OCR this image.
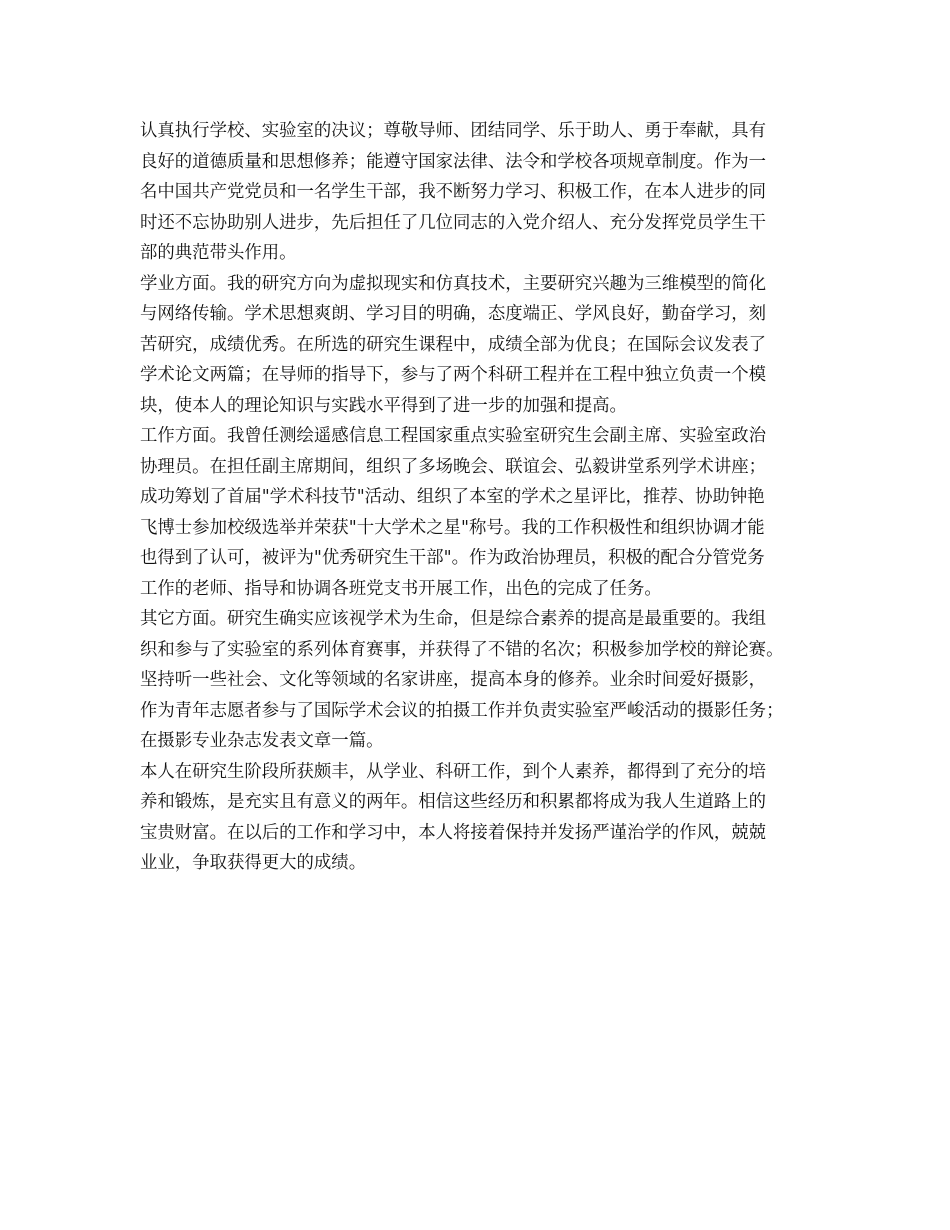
认真执行学校、实验室的决议；尊敬导师、团结同学、乐于助人、勇于奉献，具有

良好的道德质量和思想修养；能遵守国家法律、法令和学校各项规章制度。作为一

名中国共产党党员和一名学生干部，我不断努力学习、积极工作，在本人进步的同

时还不忘协助别人进步，先后担任了几位同志的入党介绍人、充分发挥党员学生干

部的典范带头作用。

学业方面。我的研究方向为虚拟现实和仿真技术，主要研究兴趣为三维模型的简化

与网络传输。学术思想爽朗、学习目的明确，态度端正、学风良好，勤奋学习，刻

苦研究，成绩优秀。在所选的研究生课程中，成绩全部为优良；在国际会议发表了

学术论文两篇；在导师的指导下，参与了两个科研工程并在工程中独立负责一个模

块，使本人的理论知识与实践水平得到了进一步的加强和提高。

工作方面。我曾任测绘遥感信息工程国家重点实验室研究生会副主席、实验室政治

协理员。在担任副主席期间，组织了多场晚会、联谊会、弘毅讲堂系列学术讲座；

成功筹划了首届"学术科技节"活动、组织了本室的学术之星评比，推荐、协助钟艳

飞博士参加校级选举并荣获"十大学术之星"称号。我的工作积极性和组织协调才能

也得到了认可，被评为"优秀研究生干部"。作为政治协理员，积极的配合分管党务

工作的老师、指导和协调各班党支书开展工作，出色的完成了任务。

其它方面。研究生确实应该视学术为生命，但是综合素养的提高是最重要的。我组

织和参与了实验室的系列体育赛事，并获得了不错的名次；积极参加学校的辩论赛。

坚持听一些社会、文化等领域的名家讲座，提高本身的修养。业余时间爱好摄影，

作为青年志愿者参与了国际学术会议的拍摄工作并负责实验室严峻活动的摄影任务；

在摄影专业杂志发表文章一篇。

本人在研究生阶段所获颇丰，从学业、科研工作，到个人素养，都得到了充分的培

养和锻炼，是充实且有意义的两年。相信这些经历和积累都将成为我人生道路上的

宝贵财富。在以后的工作和学习中，本人将接着保持并发扬严谨治学的作风，兢兢

业业，争取获得更大的成绩。
